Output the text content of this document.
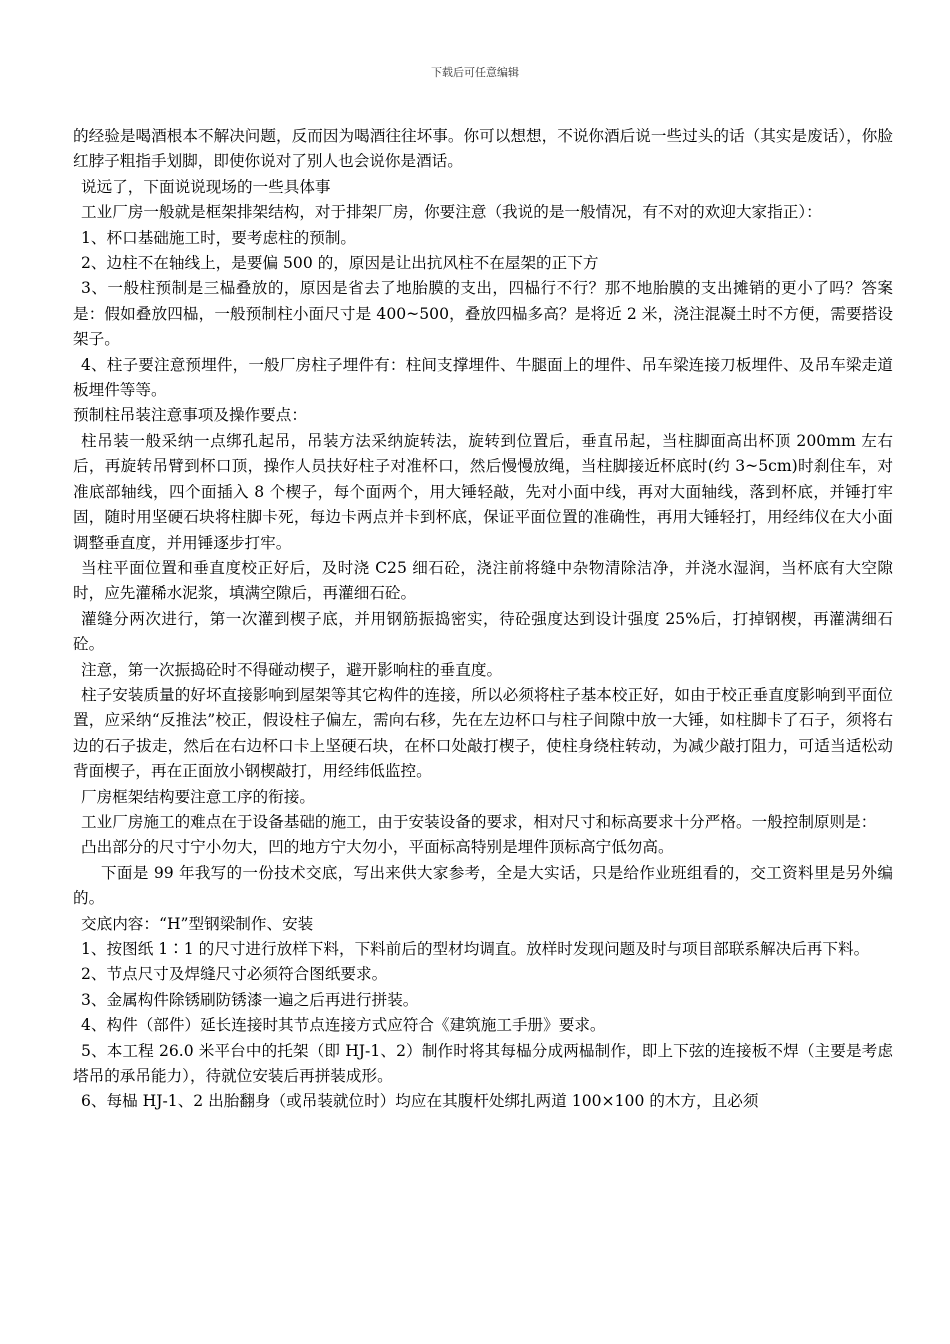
下载后可任意编辑

的经验是喝酒根本不解决问题，反而因为喝酒往往坏事。你可以想想，不说你酒后说一些过头的话（其实是废话），你脸红脖子粗指手划脚，即使你说对了别人也会说你是酒话。

说远了，下面说说现场的一些具体事

工业厂房一般就是框架排架结构，对于排架厂房，你要注意（我说的是一般情况，有不对的欢迎大家指正）：

1、杯口基础施工时，要考虑柱的预制。

2、边柱不在轴线上，是要偏 500 的，原因是让出抗风柱不在屋架的正下方

3、一般柱预制是三榀叠放的，原因是省去了地胎膜的支出，四榀行不行？那不地胎膜的支出摊销的更小了吗？答案是：假如叠放四榀，一般预制柱小面尺寸是 400~500，叠放四榀多高？是将近 2 米，浇注混凝土时不方便，需要搭设架子。

4、柱子要注意预埋件，一般厂房柱子埋件有：柱间支撑埋件、牛腿面上的埋件、吊车梁连接刀板埋件、及吊车梁走道板埋件等等。

预制柱吊装注意事项及操作要点：

柱吊装一般采纳一点绑孔起吊，吊装方法采纳旋转法，旋转到位置后，垂直吊起，当柱脚面高出杯顶 200mm 左右后，再旋转吊臂到杯口顶，操作人员扶好柱子对准杯口，然后慢慢放绳，当柱脚接近杯底时(约 3~5cm)时刹住车，对准底部轴线，四个面插入 8 个楔子，每个面两个，用大锤轻敲，先对小面中线，再对大面轴线，落到杯底，并锤打牢固，随时用坚硬石块将柱脚卡死，每边卡两点并卡到杯底，保证平面位置的准确性，再用大锤轻打，用经纬仪在大小面调整垂直度，并用锤逐步打牢。

当柱平面位置和垂直度校正好后，及时浇 C25 细石砼，浇注前将缝中杂物清除洁净，并浇水湿润，当杯底有大空隙时，应先灌稀水泥浆，填满空隙后，再灌细石砼。

灌缝分两次进行，第一次灌到楔子底，并用钢筋振捣密实，待砼强度达到设计强度 25%后，打掉钢楔，再灌满细石砼。

注意，第一次振捣砼时不得碰动楔子，避开影响柱的垂直度。

柱子安装质量的好坏直接影响到屋架等其它构件的连接，所以必须将柱子基本校正好，如由于校正垂直度影响到平面位置，应采纳“反推法”校正，假设柱子偏左，需向右移，先在左边杯口与柱子间隙中放一大锤，如柱脚卡了石子，须将右边的石子拔走，然后在右边杯口卡上坚硬石块，在杯口处敲打楔子，使柱身绕柱转动，为减少敲打阻力，可适当适松动背面楔子，再在正面放小钢楔敲打，用经纬低监控。

厂房框架结构要注意工序的衔接。

工业厂房施工的难点在于设备基础的施工，由于安装设备的要求，相对尺寸和标高要求十分严格。一般控制原则是：

凸出部分的尺寸宁小勿大，凹的地方宁大勿小，平面标高特别是埋件顶标高宁低勿高。

下面是 99 年我写的一份技术交底，写出来供大家参考，全是大实话，只是给作业班组看的，交工资料里是另外编的。

交底内容：“H”型钢梁制作、安装

1、按图纸 1∶1 的尺寸进行放样下料，下料前后的型材均调直。放样时发现问题及时与项目部联系解决后再下料。

2、节点尺寸及焊缝尺寸必须符合图纸要求。

3、金属构件除锈刷防锈漆一遍之后再进行拼装。

4、构件（部件）延长连接时其节点连接方式应符合《建筑施工手册》要求。

5、本工程 26.0 米平台中的托架（即 HJ-1、2）制作时将其每榀分成两榀制作，即上下弦的连接板不焊（主要是考虑塔吊的承吊能力），待就位安装后再拼装成形。

6、每榀 HJ-1、2 出胎翻身（或吊装就位时）均应在其腹杆处绑扎两道 100×100 的木方，且必须
